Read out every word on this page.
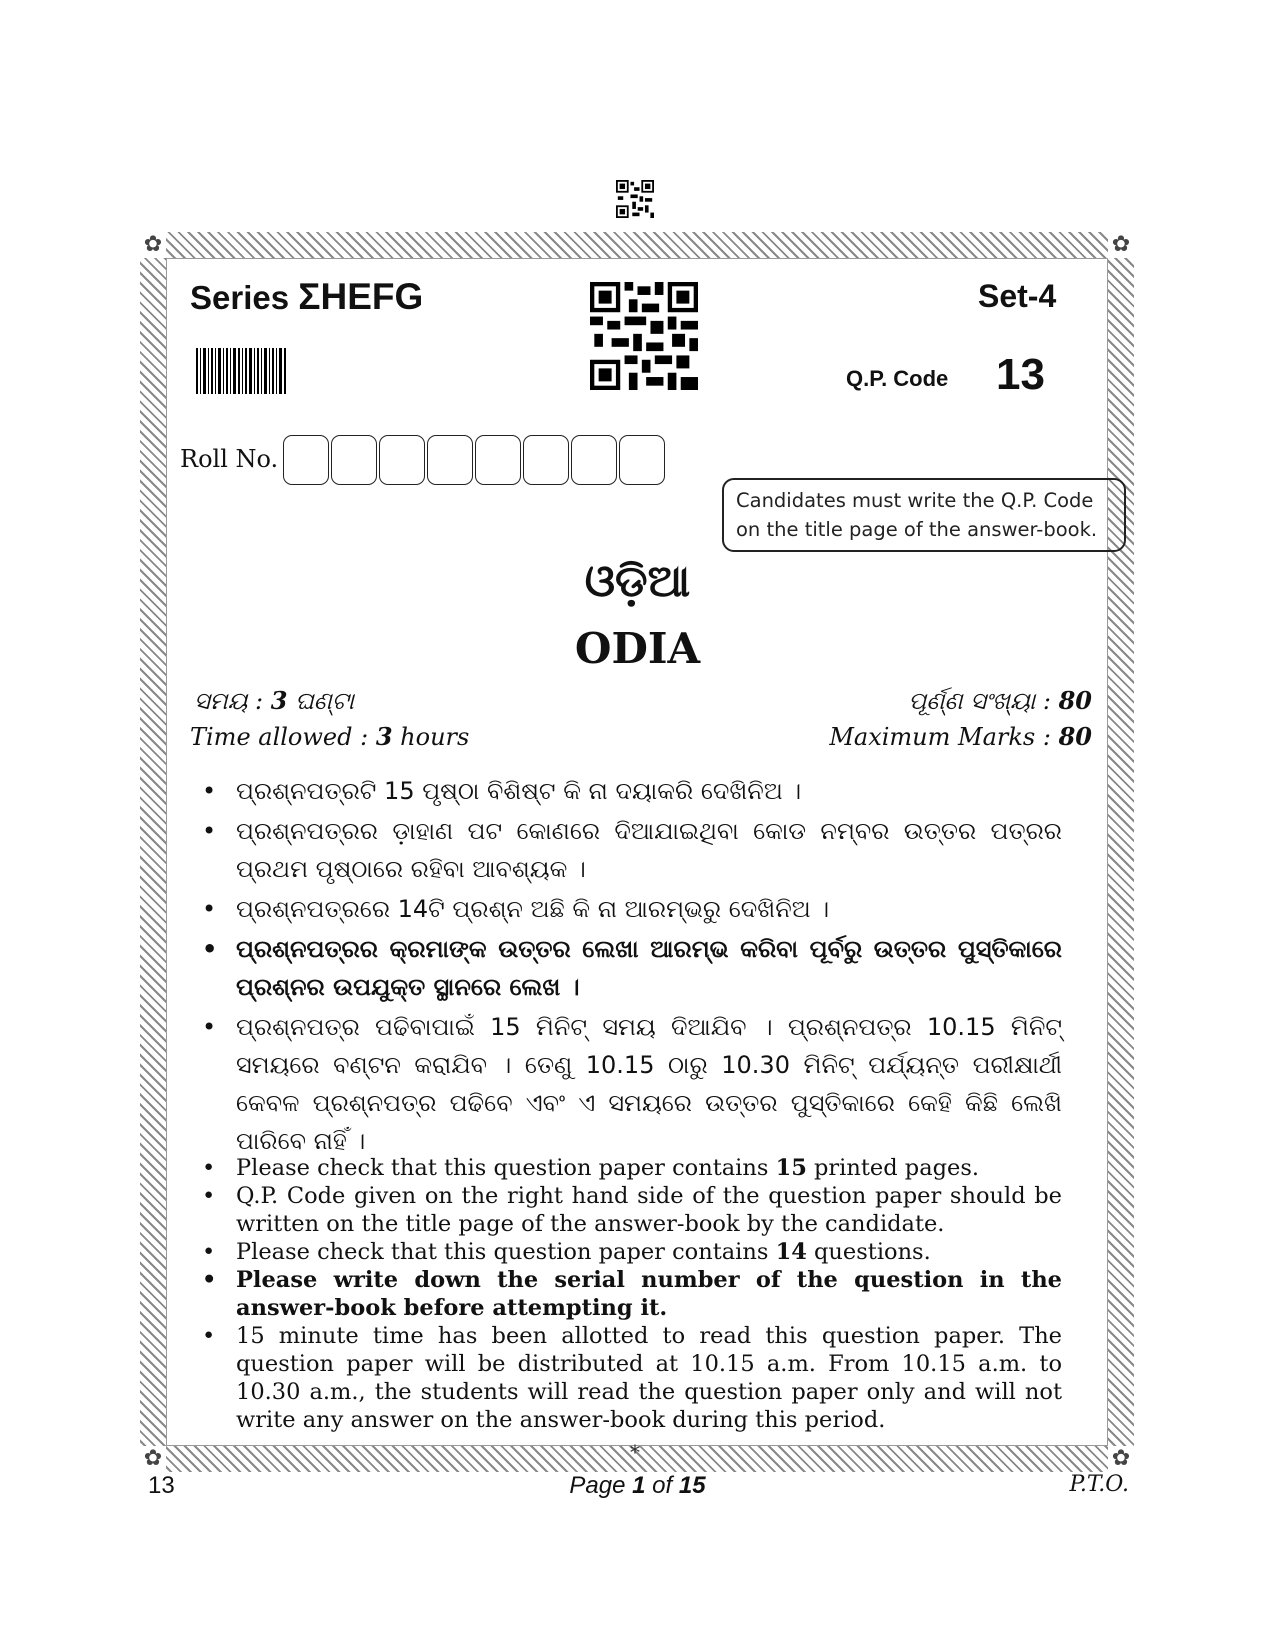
✿	✿
✿	✿
Series ΣHEFG	Set-4
Q.P. Code 13
Roll No.
Candidates must write the Q.P. Code on the title page of the answer-book.
ଓଡ଼ିଆ
ODIA
ସମୟ : 3 ଘଣ୍ଟା	ପୂର୍ଣ୍ଣ ସଂଖ୍ୟା : 80
Time allowed : 3 hours	Maximum Marks : 80
• ପ୍ରଶ୍ନପତ୍ରଟି 15 ପୃଷ୍ଠା ବିଶିଷ୍ଟ କି ନା ଦୟାକରି ଦେଖିନିଅ ।
• ପ୍ରଶ୍ନପତ୍ରର ଡ଼ାହାଣ ପଟ କୋଣରେ ଦିଆଯାଇଥିବା କୋଡ ନମ୍ବର ଉତ୍ତର ପତ୍ରର ପ୍ରଥମ ପୃଷ୍ଠାରେ ରହିବା ଆବଶ୍ୟକ ।
• ପ୍ରଶ୍ନପତ୍ରରେ 14ଟି ପ୍ରଶ୍ନ ଅଛି କି ନା ଆରମ୍ଭରୁ ଦେଖିନିଅ ।
• ପ୍ରଶ୍ନପତ୍ରର କ୍ରମାଙ୍କ ଉତ୍ତର ଲେଖା ଆରମ୍ଭ କରିବା ପୂର୍ବରୁ ଉତ୍ତର ପୁସ୍ତିକାରେ ପ୍ରଶ୍ନର ଉପଯୁକ୍ତ ସ୍ଥାନରେ ଲେଖ ।
• ପ୍ରଶ୍ନପତ୍ର ପଢିବାପାଇଁ 15 ମିନିଟ୍ ସମୟ ଦିଆଯିବ । ପ୍ରଶ୍ନପତ୍ର 10.15 ମିନିଟ୍ ସମୟରେ ବଣ୍ଟନ କରାଯିବ । ତେଣୁ 10.15 ଠାରୁ 10.30 ମିନିଟ୍ ପର୍ଯ୍ୟନ୍ତ ପରୀକ୍ଷାର୍ଥୀ କେବଳ ପ୍ରଶ୍ନପତ୍ର ପଢିବେ ଏବଂ ଏ ସମୟରେ ଉତ୍ତର ପୁସ୍ତିକାରେ କେହି କିଛି ଲେଖି ପାରିବେ ନାହିଁ ।
• Please check that this question paper contains 15 printed pages.
• Q.P. Code given on the right hand side of the question paper should be written on the title page of the answer-book by the candidate.
• Please check that this question paper contains 14 questions.
• Please write down the serial number of the question in the answer-book before attempting it.
• 15 minute time has been allotted to read this question paper. The question paper will be distributed at 10.15 a.m. From 10.15 a.m. to 10.30 a.m., the students will read the question paper only and will not write any answer on the answer-book during this period.
*
13	Page 1 of 15	P.T.O.
